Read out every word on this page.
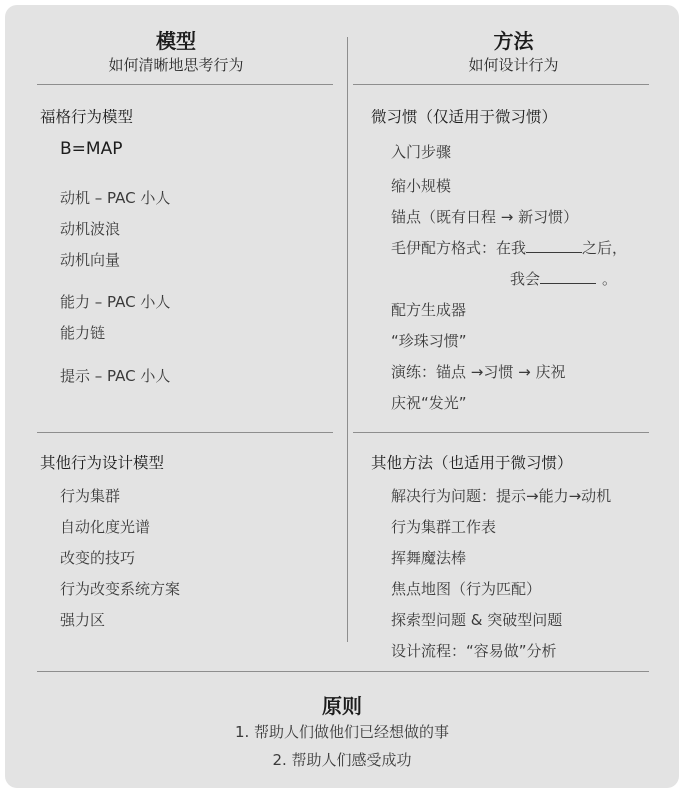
模型
如何清晰地思考行为
方法
如何设计行为
福格行为模型
B=MAP
动机 – PAC 小人
动机波浪
动机向量
能力 – PAC 小人
能力链
提示 – PAC 小人
其他行为设计模型
行为集群
自动化度光谱
改变的技巧
行为改变系统方案
强力区
微习惯（仅适用于微习惯）
入门步骤
缩小规模
锚点（既有日程 → 新习惯）
毛伊配方格式：在我	之后，
我会	。
配方生成器
“珍珠习惯”
演练：锚点 →习惯 → 庆祝
庆祝“发光”
其他方法（也适用于微习惯）
解决行为问题：提示→能力→动机
行为集群工作表
挥舞魔法棒
焦点地图（行为匹配）
探索型问题 & 突破型问题
设计流程：“容易做”分析
原则
1. 帮助人们做他们已经想做的事
2. 帮助人们感受成功
